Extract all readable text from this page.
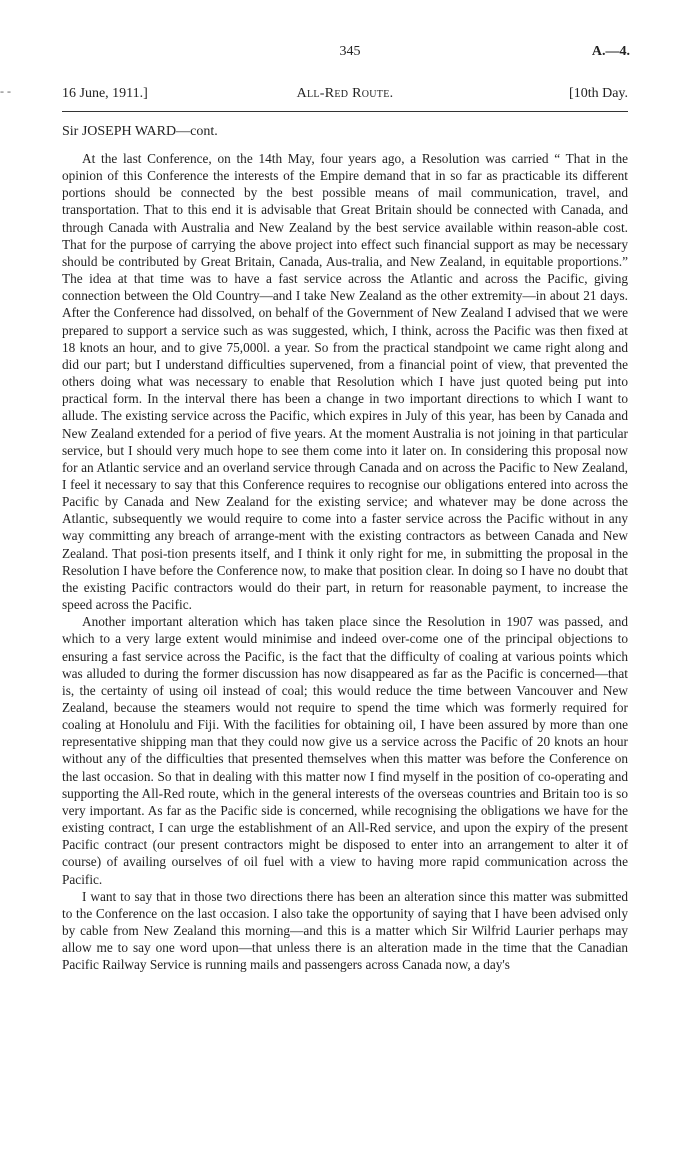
345	A.—4.
- -	All-Red Route.
16 June, 1911.]	[10th Day.
Sir JOSEPH WARD—cont.

At the last Conference, on the 14th May, four years ago, a Resolution was carried “ That in the opinion of this Conference the interests of the Empire demand that in so far as practicable its different portions should be connected by the best possible means of mail communication, travel, and transportation. That to this end it is advisable that Great Britain should be connected with Canada, and through Canada with Australia and New Zealand by the best service available within reason-able cost. That for the purpose of carrying the above project into effect such financial support as may be necessary should be contributed by Great Britain, Canada, Aus-tralia, and New Zealand, in equitable proportions.” The idea at that time was to have a fast service across the Atlantic and across the Pacific, giving connection between the Old Country—and I take New Zealand as the other extremity—in about 21 days. After the Conference had dissolved, on behalf of the Government of New Zealand I advised that we were prepared to support a service such as was suggested, which, I think, across the Pacific was then fixed at 18 knots an hour, and to give 75,000l. a year. So from the practical standpoint we came right along and did our part; but I understand difficulties supervened, from a financial point of view, that prevented the others doing what was necessary to enable that Resolution which I have just quoted being put into practical form. In the interval there has been a change in two important directions to which I want to allude. The existing service across the Pacific, which expires in July of this year, has been by Canada and New Zealand extended for a period of five years. At the moment Australia is not joining in that particular service, but I should very much hope to see them come into it later on. In considering this proposal now for an Atlantic service and an overland service through Canada and on across the Pacific to New Zealand, I feel it necessary to say that this Conference requires to recognise our obligations entered into across the Pacific by Canada and New Zealand for the existing service; and whatever may be done across the Atlantic, subsequently we would require to come into a faster service across the Pacific without in any way committing any breach of arrange-ment with the existing contractors as between Canada and New Zealand. That posi-tion presents itself, and I think it only right for me, in submitting the proposal in the Resolution I have before the Conference now, to make that position clear. In doing so I have no doubt that the existing Pacific contractors would do their part, in return for reasonable payment, to increase the speed across the Pacific.

Another important alteration which has taken place since the Resolution in 1907 was passed, and which to a very large extent would minimise and indeed over-come one of the principal objections to ensuring a fast service across the Pacific, is the fact that the difficulty of coaling at various points which was alluded to during the former discussion has now disappeared as far as the Pacific is concerned—that is, the certainty of using oil instead of coal; this would reduce the time between Vancouver and New Zealand, because the steamers would not require to spend the time which was formerly required for coaling at Honolulu and Fiji. With the facilities for obtaining oil, I have been assured by more than one representative shipping man that they could now give us a service across the Pacific of 20 knots an hour without any of the difficulties that presented themselves when this matter was before the Conference on the last occasion. So that in dealing with this matter now I find myself in the position of co-operating and supporting the All-Red route, which in the general interests of the overseas countries and Britain too is so very important. As far as the Pacific side is concerned, while recognising the obligations we have for the existing contract, I can urge the establishment of an All-Red service, and upon the expiry of the present Pacific contract (our present contractors might be disposed to enter into an arrangement to alter it of course) of availing ourselves of oil fuel with a view to having more rapid communication across the Pacific.

I want to say that in those two directions there has been an alteration since this matter was submitted to the Conference on the last occasion. I also take the opportunity of saying that I have been advised only by cable from New Zealand this morning—and this is a matter which Sir Wilfrid Laurier perhaps may allow me to say one word upon—that unless there is an alteration made in the time that the Canadian Pacific Railway Service is running mails and passengers across Canada now, a day's
